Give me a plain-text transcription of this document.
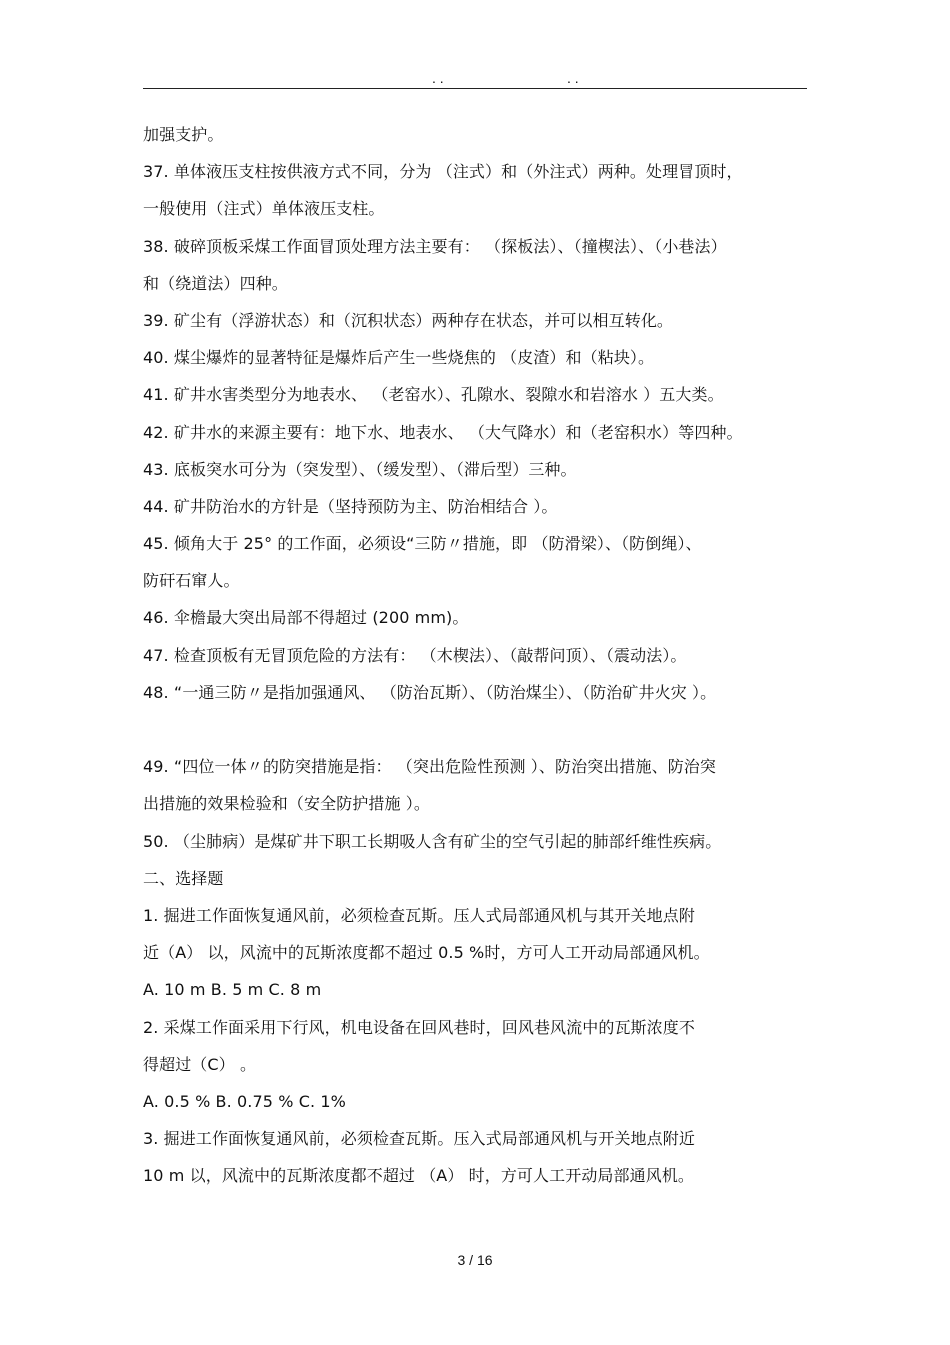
. .	. .
加强支护。
37. 单体液压支柱按供液方式不同，分为 （注式）和（外注式）两种。处理冒顶时，
一般使用（注式）单体液压支柱。
38. 破碎顶板采煤工作面冒顶处理方法主要有： （探板法）、（撞楔法）、（小巷法）
和（绕道法）四种。
39. 矿尘有（浮游状态）和（沉积状态）两种存在状态，并可以相互转化。
40. 煤尘爆炸的显著特征是爆炸后产生一些烧焦的 （皮渣）和（粘块）。
41. 矿井水害类型分为地表水、 （老窑水）、孔隙水、裂隙水和岩溶水 ）五大类。
42. 矿井水的来源主要有：地下水、地表水、 （大气降水）和（老窑积水）等四种。
43. 底板突水可分为（突发型）、（缓发型）、（滞后型）三种。
44. 矿井防治水的方针是（坚持预防为主、防治相结合 ）。
45. 倾角大于 25° 的工作面，必须设“三防〃措施，即 （防滑梁）、（防倒绳）、
防矸石窜人。
46. 伞檐最大突出局部不得超过 (200 mm)。
47. 检查顶板有无冒顶危险的方法有： （木楔法）、（敲帮问顶）、（震动法）。
48. “一通三防〃是指加强通风、 （防治瓦斯）、（防治煤尘）、（防治矿井火灾 ）。
49. “四位一体〃的防突措施是指： （突出危险性预测 ）、防治突出措施、防治突
出措施的效果检验和（安全防护措施 ）。
50. （尘肺病）是煤矿井下职工长期吸人含有矿尘的空气引起的肺部纤维性疾病。
二、选择题
1. 掘进工作面恢复通风前，必须检查瓦斯。压人式局部通风机与其开关地点附
近（A） 以，风流中的瓦斯浓度都不超过 0.5 %时，方可人工开动局部通风机。
A. 10 m B. 5 m C. 8 m
2. 采煤工作面采用下行风，机电设备在回风巷时，回风巷风流中的瓦斯浓度不
得超过（C） 。
A. 0.5 % B. 0.75 % C. 1%
3. 掘进工作面恢复通风前，必须检查瓦斯。压入式局部通风机与开关地点附近
10 m 以，风流中的瓦斯浓度都不超过 （A） 时，方可人工开动局部通风机。
3 / 16
